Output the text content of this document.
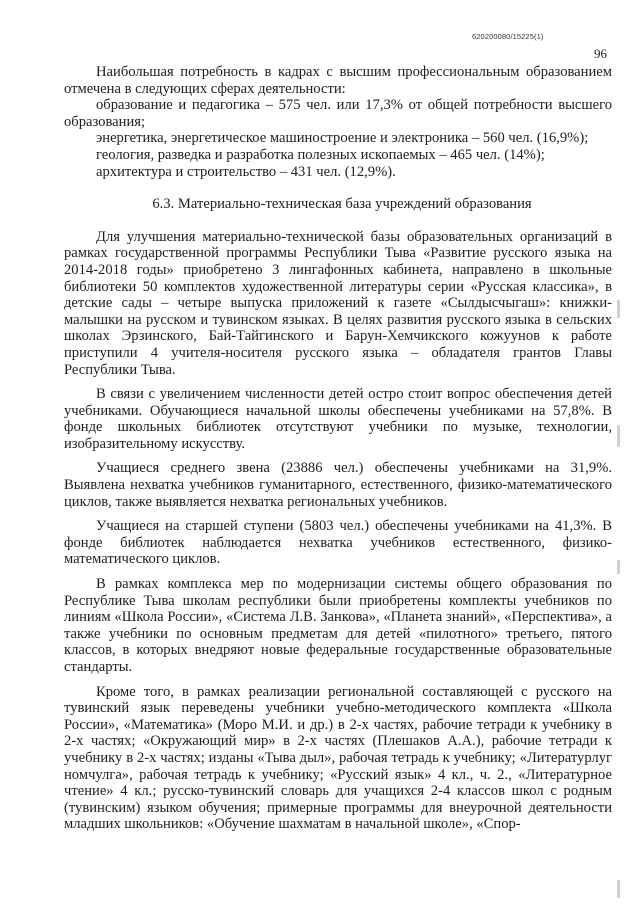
620200080/15225(1)
96

Наибольшая потребность в кадрах с высшим профессиональным образованием отмечена в следующих сферах деятельности:

образование и педагогика – 575 чел. или 17,3% от общей потребности высшего образования;

энергетика, энергетическое машиностроение и электроника – 560 чел. (16,9%);

геология, разведка и разработка полезных ископаемых – 465 чел. (14%);

архитектура и строительство – 431 чел. (12,9%).

6.3. Материально-техническая база учреждений образования

Для улучшения материально-технической базы образовательных организаций в рамках государственной программы Республики Тыва «Развитие русского языка на 2014-2018 годы» приобретено 3 лингафонных кабинета, направлено в школьные библиотеки 50 комплектов художественной литературы серии «Русская классика», в детские сады – четыре выпуска приложений к газете «Сылдысчыгаш»: книжки-малышки на русском и тувинском языках. В целях развития русского языка в сельских школах Эрзинского, Бай-Тайгинского и Барун-Хемчикского кожуунов к работе приступили 4 учителя-носителя русского языка – обладателя грантов Главы Республики Тыва.

В связи с увеличением численности детей остро стоит вопрос обеспечения детей учебниками. Обучающиеся начальной школы обеспечены учебниками на 57,8%. В фонде школьных библиотек отсутствуют учебники по музыке, технологии, изобразительному искусству.

Учащиеся среднего звена (23886 чел.) обеспечены учебниками на 31,9%. Выявлена нехватка учебников гуманитарного, естественного, физико-математического циклов, также выявляется нехватка региональных учебников.

Учащиеся на старшей ступени (5803 чел.) обеспечены учебниками на 41,3%. В фонде библиотек наблюдается нехватка учебников естественного, физико-математического циклов.

В рамках комплекса мер по модернизации системы общего образования по Республике Тыва школам республики были приобретены комплекты учебников по линиям «Школа России», «Система Л.В. Занкова», «Планета знаний», «Перспектива», а также учебники по основным предметам для детей «пилотного» третьего, пятого классов, в которых внедряют новые федеральные государственные образовательные стандарты.

Кроме того, в рамках реализации региональной составляющей с русского на тувинский язык переведены учебники учебно-методического комплекта «Школа России», «Математика» (Моро М.И. и др.) в 2-х частях, рабочие тетради к учебнику в 2-х частях; «Окружающий мир» в 2-х частях (Плешаков А.А.), рабочие тетради к учебнику в 2-х частях; изданы «Тыва дыл», рабочая тетрадь к учебнику; «Литературлуг номчулга», рабочая тетрадь к учебнику; «Русский язык» 4 кл., ч. 2., «Литературное чтение» 4 кл.; русско-тувинский словарь для учащихся 2-4 классов школ с родным (тувинским) языком обучения; примерные программы для внеурочной деятельности младших школьников: «Обучение шахматам в начальной школе», «Спор-
